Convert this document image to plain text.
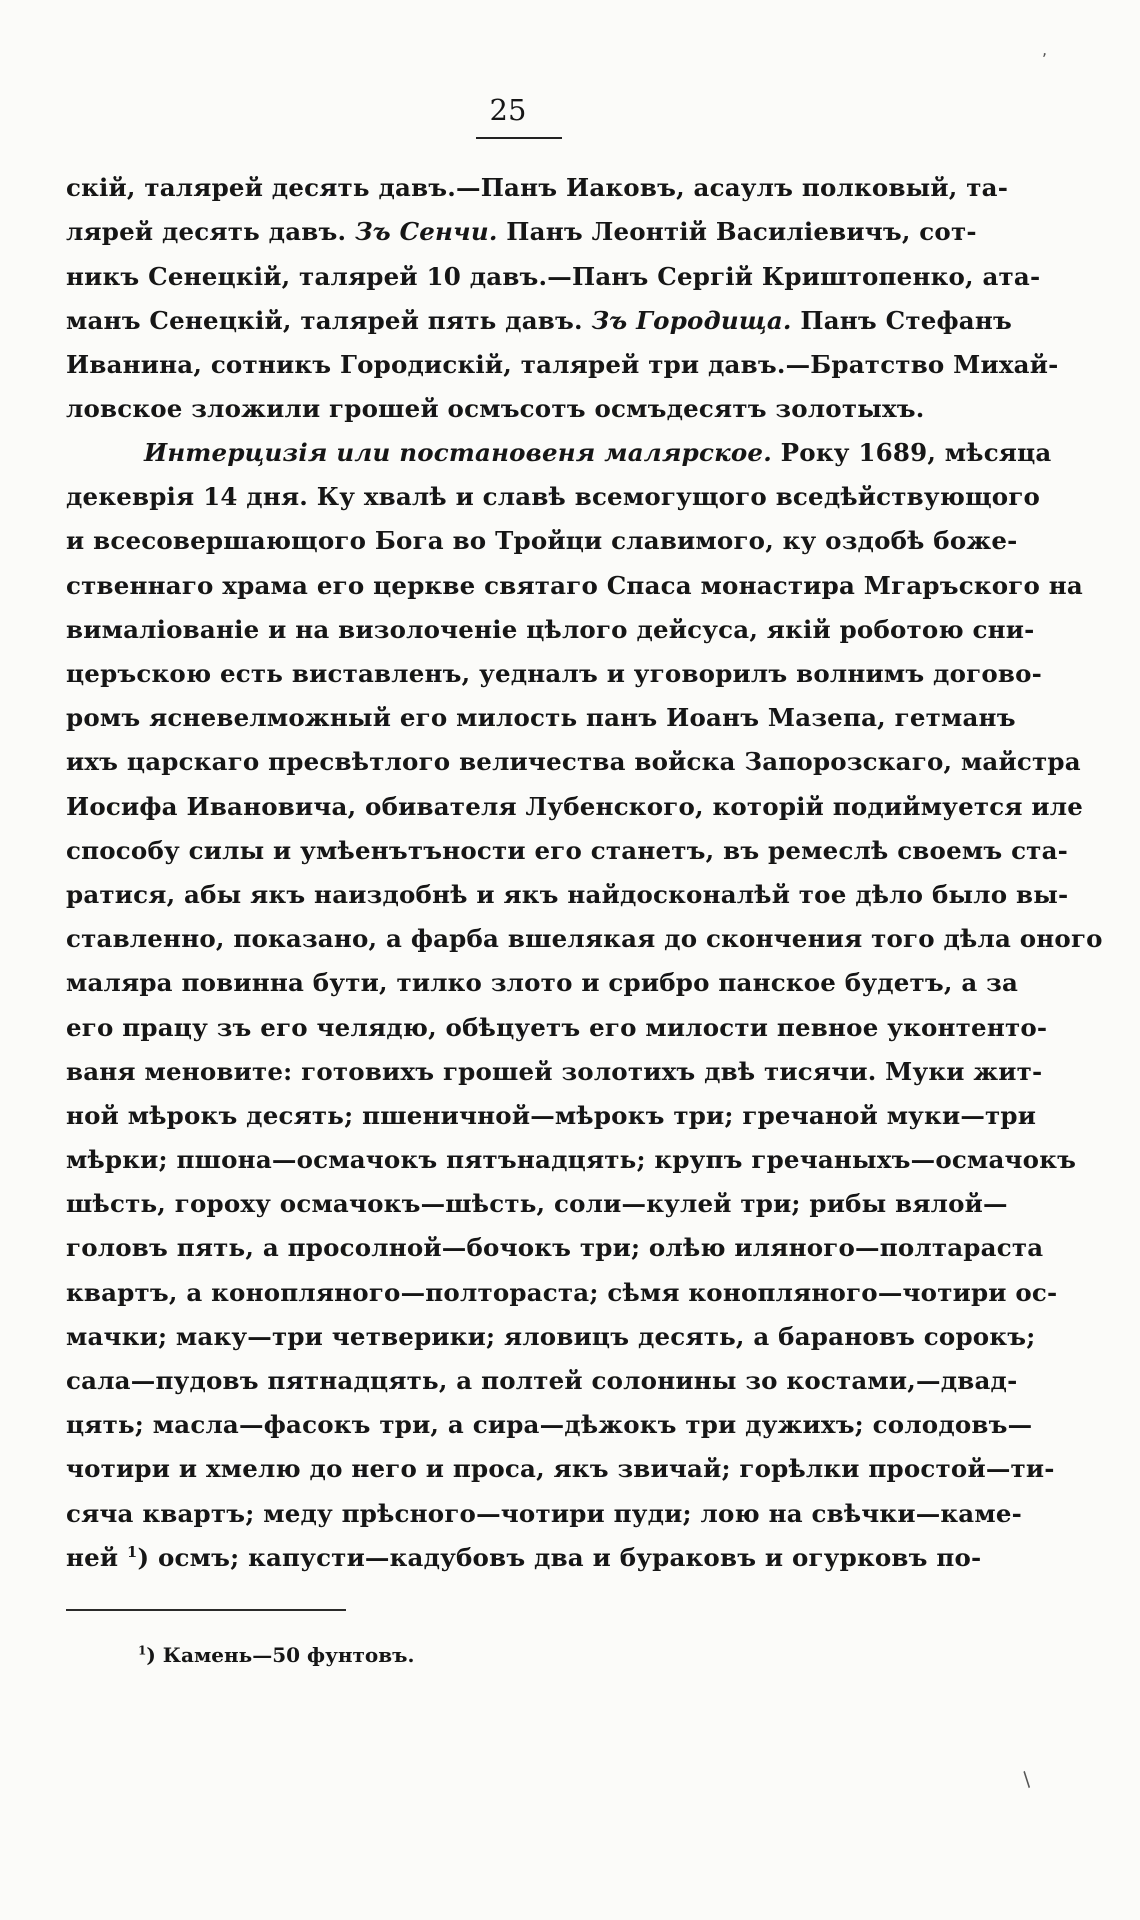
,
25
скій, талярей десять давъ.—Панъ Иаковъ, асаулъ полковый, та-
лярей десять давъ. Зъ Сенчи. Панъ Леонтій Василіевичъ, сот-
никъ Сенецкій, талярей 10 давъ.—Панъ Сергій Криштопенко, ата-
манъ Сенецкій, талярей пять давъ. Зъ Городища. Панъ Стефанъ
Иванина, сотникъ Городискій, талярей три давъ.—Братство Михай-
ловское зложили грошей осмъсотъ осмъдесятъ золотыхъ.
Интерцизія или постановеня малярское. Року 1689, мѣсяца
декеврія 14 дня. Ку хвалѣ и славѣ всемогущого вседѣйствующого
и всесовершающого Бога во Тройци славимого, ку оздобѣ боже-
ственнаго храма его церкве святаго Спаса монастира Мгаръского на
вималіованіе и на визолоченіе цѣлого дейсуса, якій роботою сни-
церъскою есть виставленъ, уедналъ и уговорилъ волнимъ догово-
ромъ ясневелможный его милость панъ Иоанъ Мазепа, гетманъ
ихъ царскаго пресвѣтлого величества войска Запорозскаго, майстра
Иосифа Ивановича, обивателя Лубенского, которій подиймуется иле
способу силы и умѣенътъности его станетъ, въ ремеслѣ своемъ ста-
ратися, абы якъ наиздобнѣ и якъ найдосконалѣй тое дѣло было вы-
ставленно, показано, а фарба вшелякая до скончения того дѣла оного
маляра повинна бути, тилко злото и срибро панское будетъ, а за
его працу зъ его челядю, обѣцуетъ его милости певное уконтенто-
ваня меновите: готовихъ грошей золотихъ двѣ тисячи. Муки жит-
ной мѣрокъ десять; пшеничной—мѣрокъ три; гречаной муки—три
мѣрки; пшона—осмачокъ пятънадцять; крупъ гречаныхъ—осмачокъ
шѣсть, гороху осмачокъ—шѣсть, соли—кулей три; рибы вялой—
головъ пять, а просолной—бочокъ три; олѣю иляного—полтараста
квартъ, а конопляного—полтораста; сѣмя конопляного—чотири ос-
мачки; маку—три четверики; яловицъ десять, а барановъ сорокъ;
сала—пудовъ пятнадцять, а полтей солонины зо костами,—двад-
цять; масла—фасокъ три, а сира—дѣжокъ три дужихъ; солодовъ—
чотири и хмелю до него и проса, якъ звичай; горѣлки простой—ти-
сяча квартъ; меду прѣсного—чотири пуди; лою на свѣчки—каме-
ней $^1$) осмъ; капусти—кадубовъ два и бураковъ и огурковъ по-
$^1$) Камень—50 фунтовъ.
/
